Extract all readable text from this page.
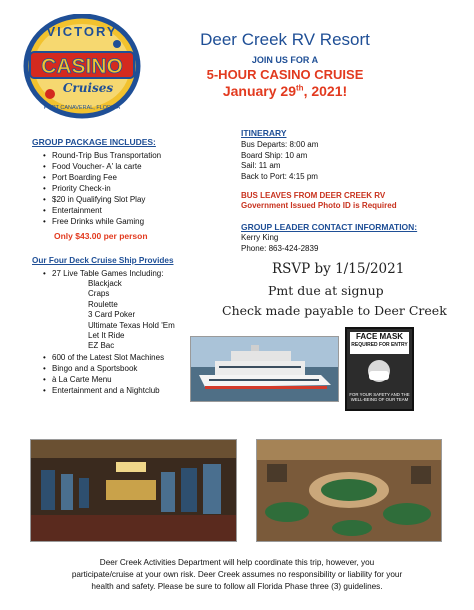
VICTORY
CASINO
Cruises
PORT CANAVERAL, FLORIDA
Deer Creek RV Resort
JOIN US FOR A
5-HOUR CASINO CRUISE
January 29th, 2021!
GROUP PACKAGE INCLUDES:
• Round-Trip Bus Transportation
• Food Voucher- A' la carte
• Port Boarding Fee
• Priority Check-in
• $20 in Qualifying Slot Play
• Entertainment
• Free Drinks while Gaming
Only $43.00 per person
Our Four Deck Cruise Ship Provides
• 27 Live Table Games Including:
Blackjack
Craps
Roulette
3 Card Poker
Ultimate Texas Hold 'Em
Let It Ride
EZ Bac
• 600 of the Latest Slot Machines
• Bingo and a Sportsbook
• à La Carte Menu
• Entertainment and a Nightclub
ITINERARY
Bus Departs: 8:00 am
Board Ship: 10 am
Sail: 11 am
Back to Port: 4:15 pm
BUS LEAVES FROM DEER CREEK RV
Government Issued Photo ID is Required
GROUP LEADER CONTACT INFORMATION:
Kerry King
Phone: 863-424-2839
RSVP by 1/15/2021
Pmt due at signup
Check made payable to Deer Creek
FACE MASK
REQUIRED FOR ENTRY
FOR YOUR SAFETY AND THE WELL-BEING OF OUR TEAM
Deer Creek Activities Department will help coordinate this trip, however, you
participate/cruise at your own risk. Deer Creek assumes no responsibility or liability for your
health and safety. Please be sure to follow all Florida Phase three (3) guidelines.
